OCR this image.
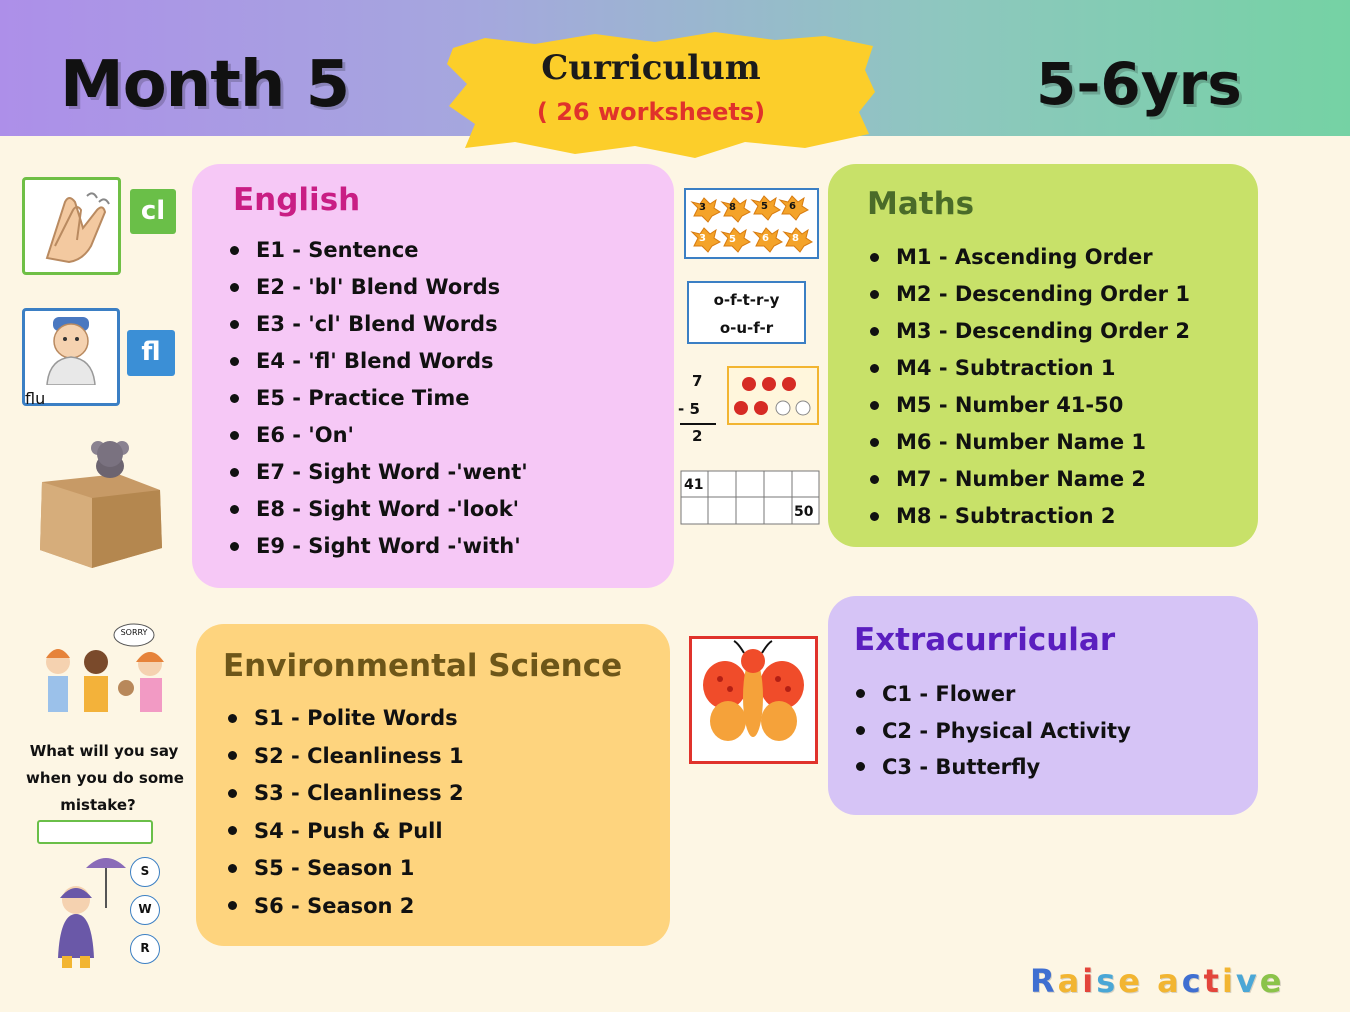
Month 5	5-6yrs
Curriculum
( 26 worksheets)
cl
flu
fl
SORRY
What will you say
when you do some
mistake?
S
W
R
English
E1 - Sentence
E2 - 'bl' Blend Words
E3 - 'cl' Blend Words
E4 - 'fl' Blend Words
E5 - Practice Time
E6 - 'On'
E7 - Sight Word -'went'
E8 - Sight Word -'look'
E9 - Sight Word -'with'
3 8	5 6
3 5	6 8
o-f-t-r-y
o-u-f-r
7
- 5
2
41
50
Maths
M1 - Ascending Order
M2 - Descending Order 1
M3 - Descending Order 2
M4 - Subtraction 1
M5 - Number 41-50
M6 - Number Name 1
M7 - Number Name 2
M8 - Subtraction 2
Environmental Science
S1 - Polite Words
S2 - Cleanliness 1
S3 - Cleanliness 2
S4 - Push & Pull
S5 - Season 1
S6 - Season 2
Extracurricular
C1 - Flower
C2 - Physical Activity
C3 - Butterfly
Raise active
